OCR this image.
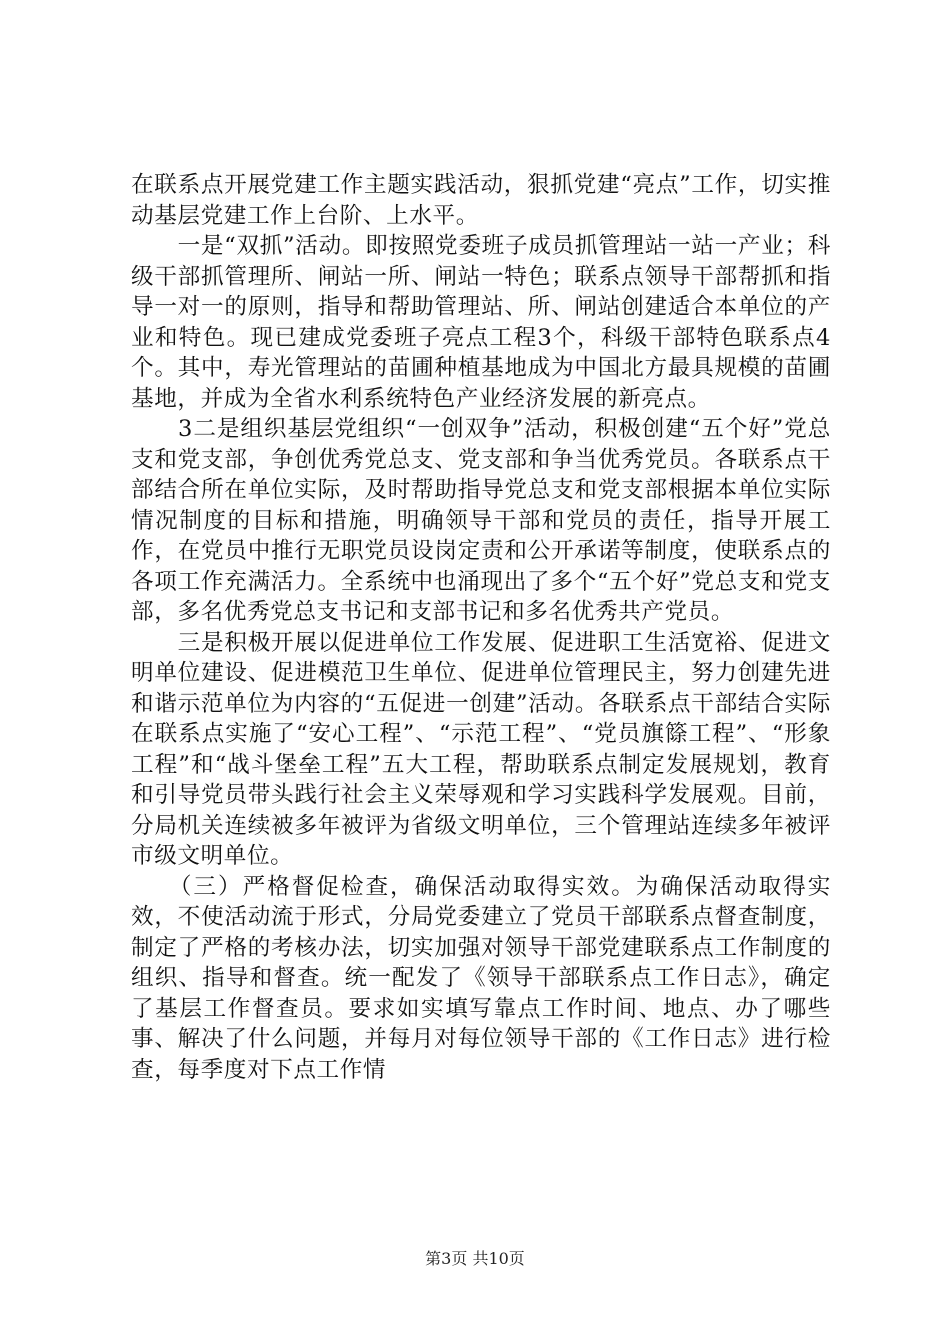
在联系点开展党建工作主题实践活动，狠抓党建“亮点”工作，切实推动基层党建工作上台阶、上水平。

　　一是“双抓”活动。即按照党委班子成员抓管理站一站一产业；科级干部抓管理所、闸站一所、闸站一特色；联系点领导干部帮抓和指导一对一的原则，指导和帮助管理站、所、闸站创建适合本单位的产业和特色。现已建成党委班子亮点工程3个，科级干部特色联系点4个。其中，寿光管理站的苗圃种植基地成为中国北方最具规模的苗圃基地，并成为全省水利系统特色产业经济发展的新亮点。

　　3二是组织基层党组织“一创双争”活动，积极创建“五个好”党总支和党支部，争创优秀党总支、党支部和争当优秀党员。各联系点干部结合所在单位实际，及时帮助指导党总支和党支部根据本单位实际情况制度的目标和措施，明确领导干部和党员的责任，指导开展工作，在党员中推行无职党员设岗定责和公开承诺等制度，使联系点的各项工作充满活力。全系统中也涌现出了多个“五个好”党总支和党支部，多名优秀党总支书记和支部书记和多名优秀共产党员。

　　三是积极开展以促进单位工作发展、促进职工生活宽裕、促进文明单位建设、促进模范卫生单位、促进单位管理民主，努力创建先进和谐示范单位为内容的“五促进一创建”活动。各联系点干部结合实际在联系点实施了“安心工程”、“示范工程”、“党员旗篨工程”、“形象工程”和“战斗堡垒工程”五大工程，帮助联系点制定发展规划，教育和引导党员带头践行社会主义荣辱观和学习实践科学发展观。目前，分局机关连续被多年被评为省级文明单位，三个管理站连续多年被评市级文明单位。

　　（三）严格督促检查，确保活动取得实效。为确保活动取得实效，不使活动流于形式，分局党委建立了党员干部联系点督查制度，制定了严格的考核办法，切实加强对领导干部党建联系点工作制度的组织、指导和督查。统一配发了《领导干部联系点工作日志》，确定了基层工作督查员。要求如实填写靠点工作时间、地点、办了哪些事、解决了什么问题，并每月对每位领导干部的《工作日志》进行检查，每季度对下点工作情

第3页 共10页
